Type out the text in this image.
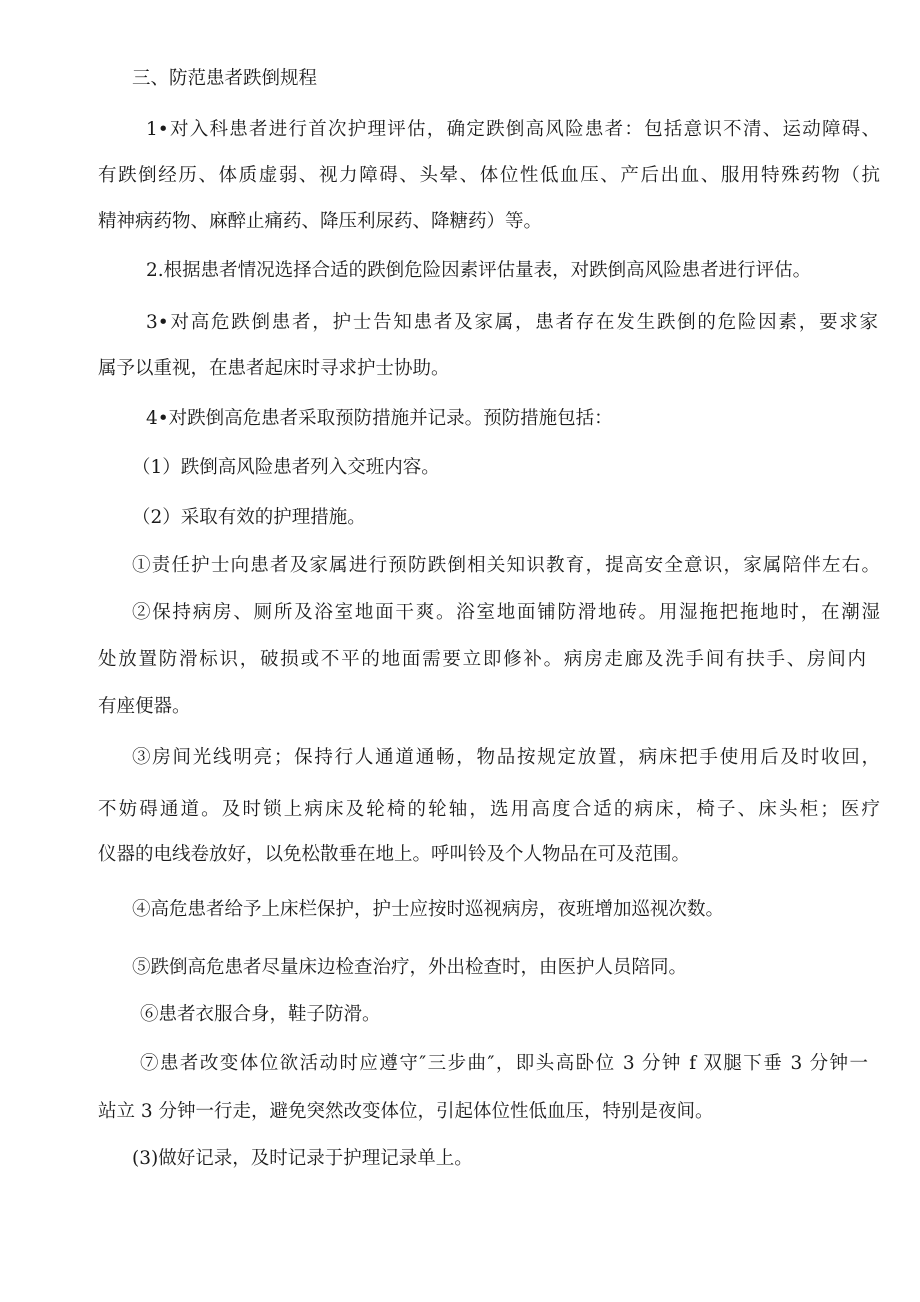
三、防范患者跌倒规程
1•对入科患者进行首次护理评估，确定跌倒高风险患者：包括意识不清、运动障碍、
有跌倒经历、体质虚弱、视力障碍、头晕、体位性低血压、产后出血、服用特殊药物（抗
精神病药物、麻醉止痛药、降压利尿药、降糖药）等。
2.根据患者情况选择合适的跌倒危险因素评估量表，对跌倒高风险患者进行评估。
3•对高危跌倒患者，护士告知患者及家属，患者存在发生跌倒的危险因素，要求家
属予以重视，在患者起床时寻求护士协助。
4•对跌倒高危患者采取预防措施并记录。预防措施包括：
（1）跌倒高风险患者列入交班内容。
（2）采取有效的护理措施。
①责任护士向患者及家属进行预防跌倒相关知识教育，提高安全意识，家属陪伴左右。
②保持病房、厕所及浴室地面干爽。浴室地面铺防滑地砖。用湿拖把拖地时，在潮湿
处放置防滑标识，破损或不平的地面需要立即修补。病房走廊及洗手间有扶手、房间内
有座便器。
③房间光线明亮；保持行人通道通畅，物品按规定放置，病床把手使用后及时收回，
不妨碍通道。及时锁上病床及轮椅的轮轴，选用高度合适的病床，椅子、床头柜；医疗
仪器的电线卷放好，以免松散垂在地上。呼叫铃及个人物品在可及范围。
④高危患者给予上床栏保护，护士应按时巡视病房，夜班增加巡视次数。
⑤跌倒高危患者尽量床边检查治疗，外出检查时，由医护人员陪同。
⑥患者衣服合身，鞋子防滑。
⑦患者改变体位欲活动时应遵守″三步曲″，即头高卧位 3 分钟 f 双腿下垂 3 分钟一
站立 3 分钟一行走，避免突然改变体位，引起体位性低血压，特别是夜间。
(3)做好记录，及时记录于护理记录单上。
